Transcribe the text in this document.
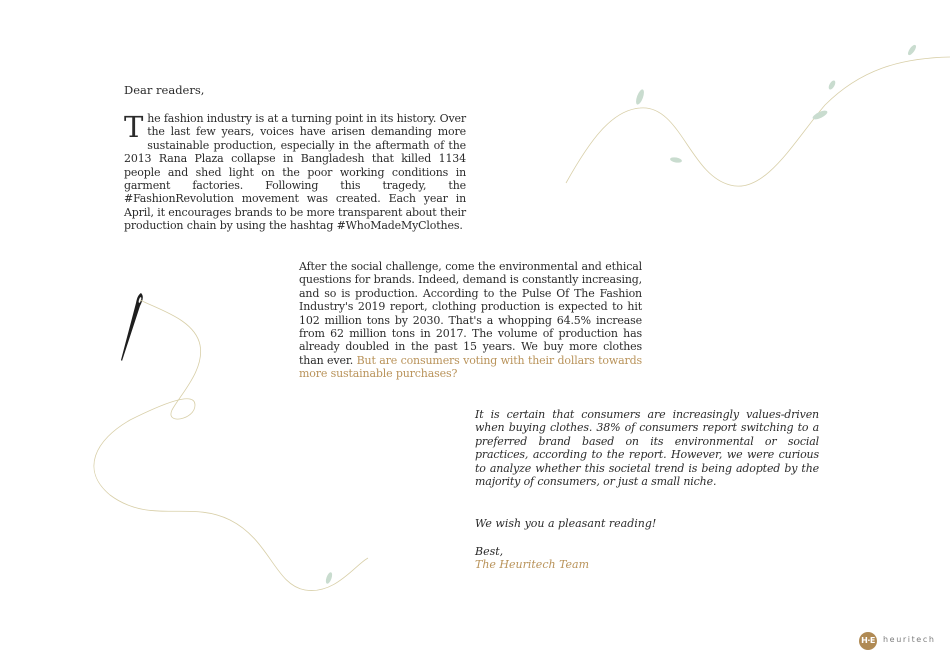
Dear readers,

The fashion industry is at a turning point in its history. Over the last few years, voices have arisen demanding more sustainable production, especially in the aftermath of the 2013 Rana Plaza collapse in Bangladesh that killed 1134 people and shed light on the poor working conditions in garment factories. Following this tragedy, the #FashionRevolution movement was created. Each year in April, it encourages brands to be more transparent about their production chain by using the hashtag #WhoMadeMyClothes.

After the social challenge, come the environmental and ethical questions for brands. Indeed, demand is constantly increasing, and so is production. According to the Pulse Of The Fashion Industry's 2019 report, clothing production is expected to hit 102 million tons by 2030. That's a whopping 64.5% increase from 62 million tons in 2017. The volume of production has already doubled in the past 15 years. We buy more clothes than ever. But are consumers voting with their dollars towards more sustainable purchases?

It is certain that consumers are increasingly values-driven when buying clothes. 38% of consumers report switching to a preferred brand based on its environmental or social practices, according to the report. However, we were curious to analyze whether this societal trend is being adopted by the majority of consumers, or just a small niche.

We wish you a pleasant reading!

Best,

The Heuritech Team

H·E heuritech
